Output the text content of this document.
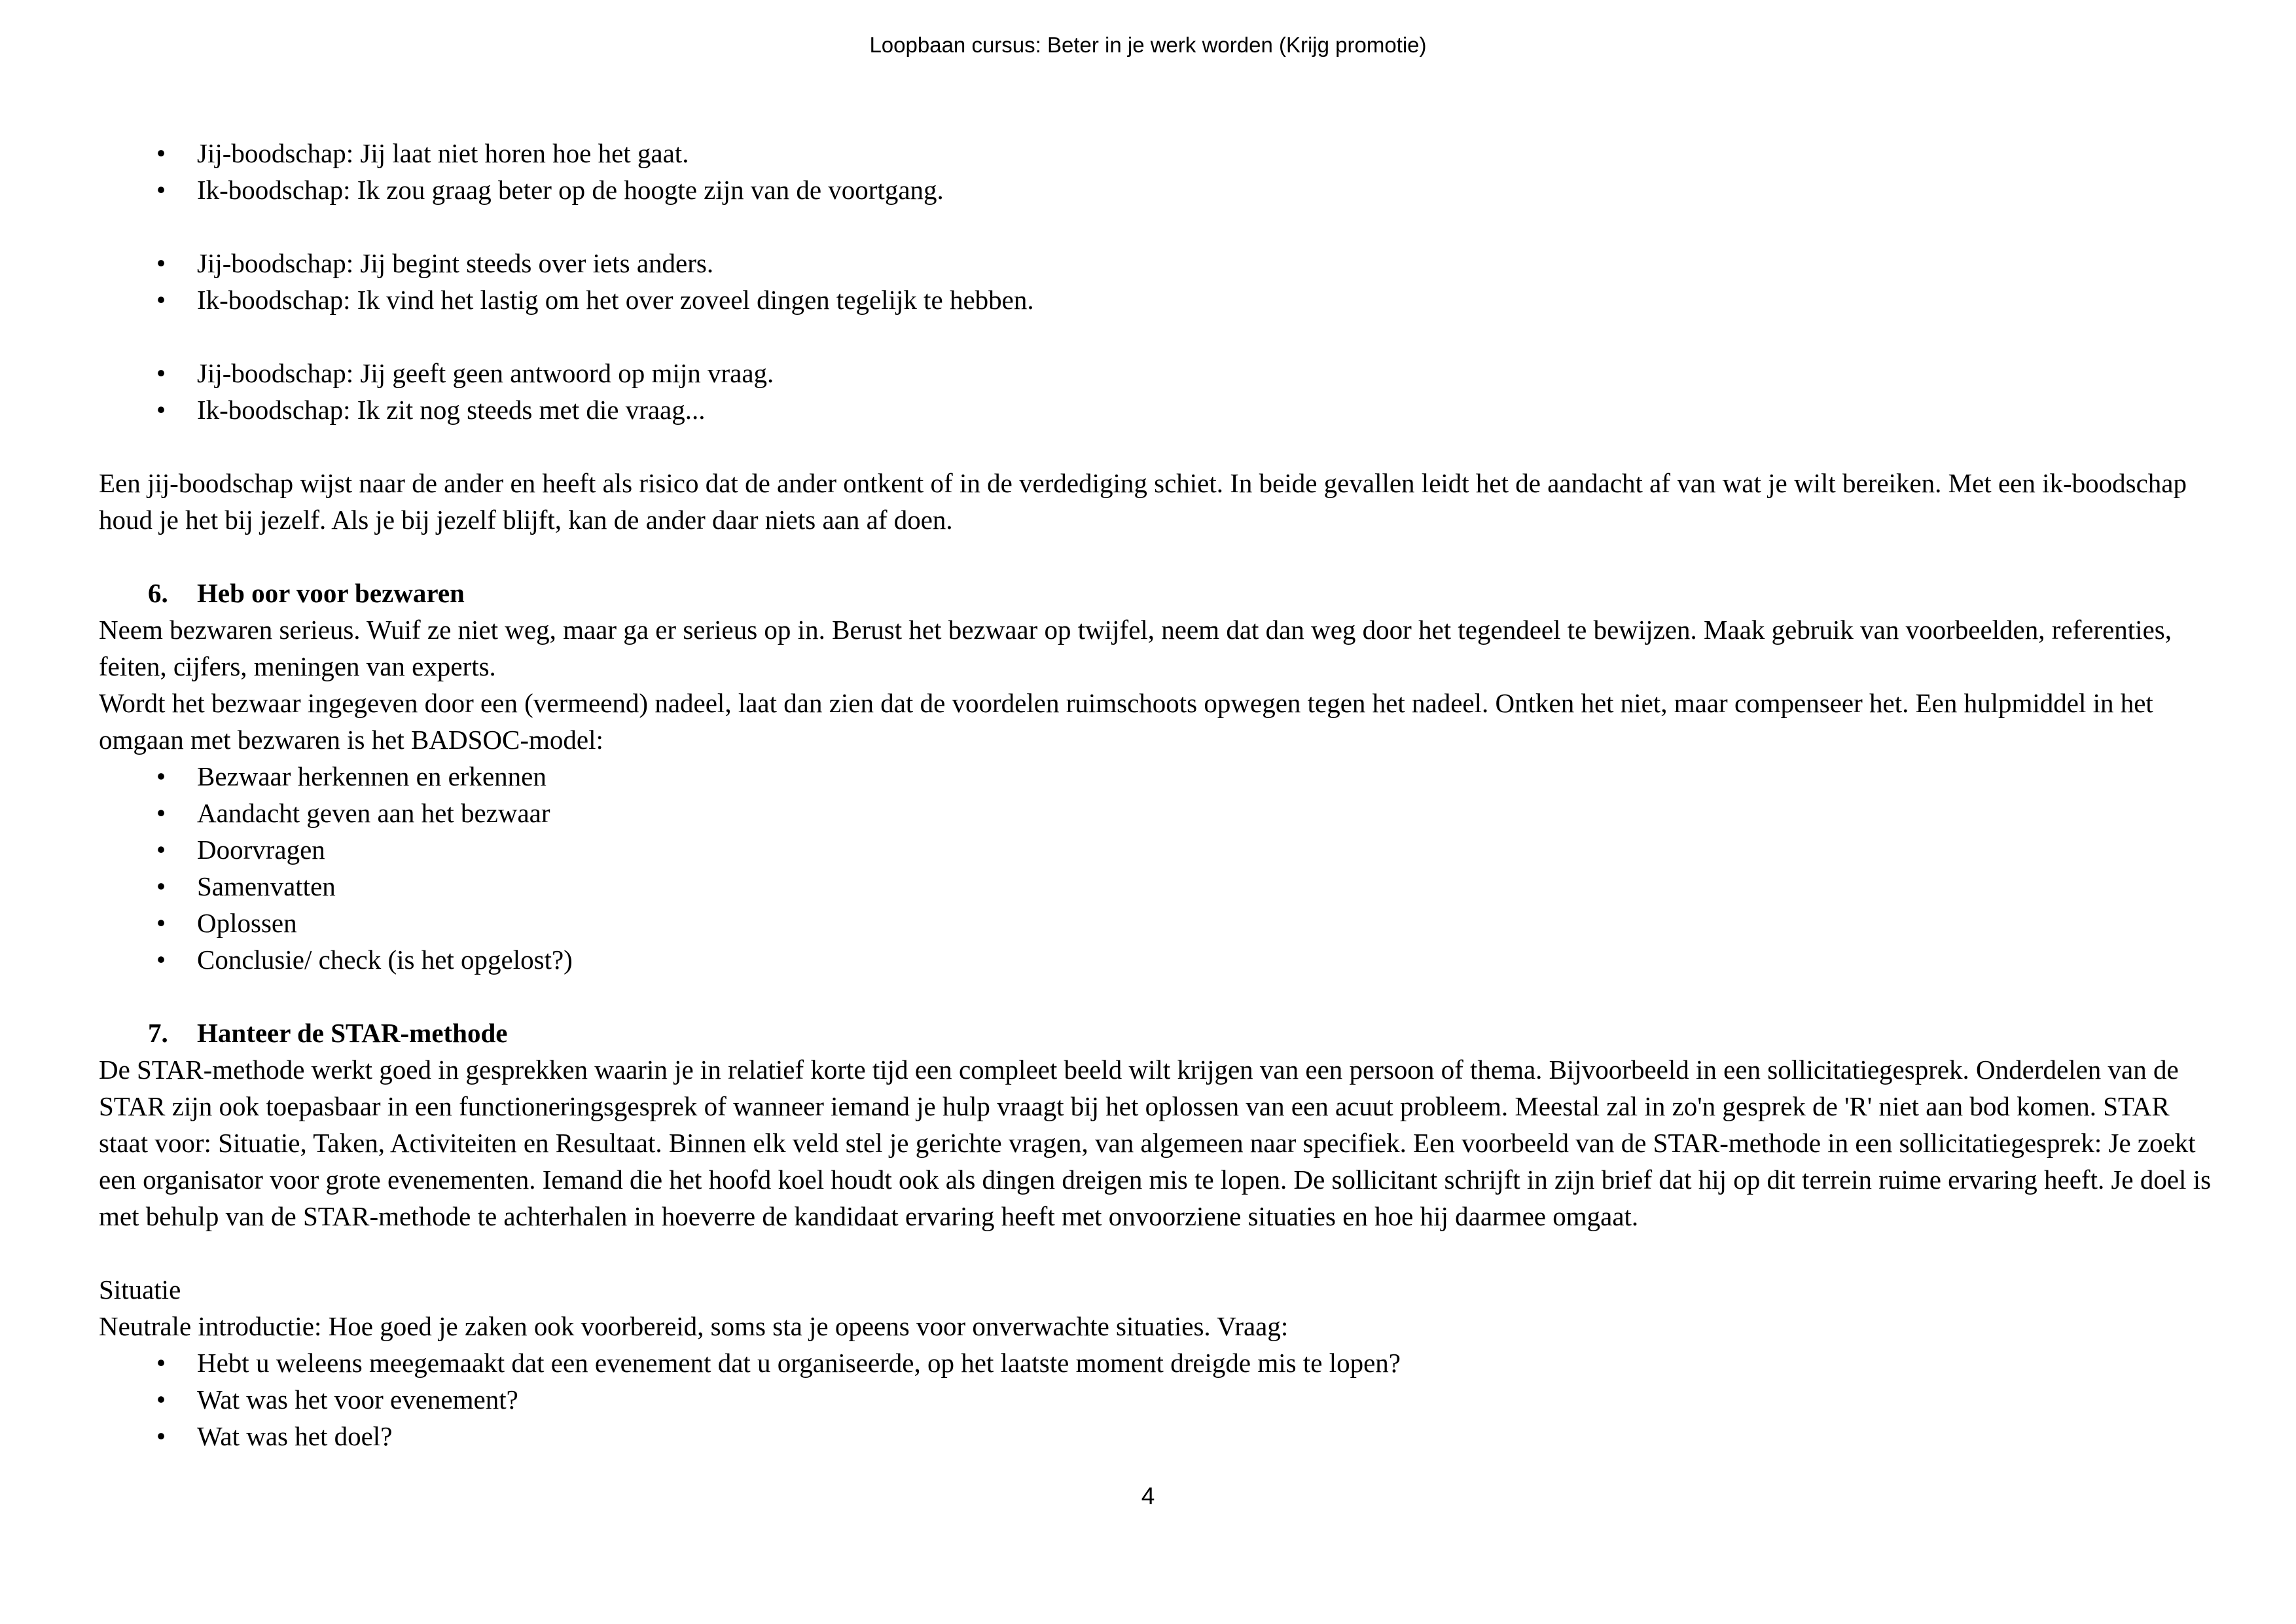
Loopbaan cursus: Beter in je werk worden (Krijg promotie)
• Jij-boodschap: Jij laat niet horen hoe het gaat.
• Ik-boodschap: Ik zou graag beter op de hoogte zijn van de voortgang.
• Jij-boodschap: Jij begint steeds over iets anders.
• Ik-boodschap: Ik vind het lastig om het over zoveel dingen tegelijk te hebben.
• Jij-boodschap: Jij geeft geen antwoord op mijn vraag.
• Ik-boodschap: Ik zit nog steeds met die vraag...

Een jij-boodschap wijst naar de ander en heeft als risico dat de ander ontkent of in de verdediging schiet. In beide gevallen leidt het de aandacht af van wat je wilt bereiken. Met een ik-boodschap houd je het bij jezelf. Als je bij jezelf blijft, kan de ander daar niets aan af doen.

6. Heb oor voor bezwaren

Neem bezwaren serieus. Wuif ze niet weg, maar ga er serieus op in. Berust het bezwaar op twijfel, neem dat dan weg door het tegendeel te bewijzen. Maak gebruik van voorbeelden, referenties, feiten, cijfers, meningen van experts.

Wordt het bezwaar ingegeven door een (vermeend) nadeel, laat dan zien dat de voordelen ruimschoots opwegen tegen het nadeel. Ontken het niet, maar compenseer het. Een hulpmiddel in het omgaan met bezwaren is het BADSOC-model:

• Bezwaar herkennen en erkennen
• Aandacht geven aan het bezwaar
• Doorvragen
• Samenvatten
• Oplossen
• Conclusie/ check (is het opgelost?)
7. Hanteer de STAR-methode

De STAR-methode werkt goed in gesprekken waarin je in relatief korte tijd een compleet beeld wilt krijgen van een persoon of thema. Bijvoorbeeld in een sollicitatiegesprek. Onderdelen van de STAR zijn ook toepasbaar in een functioneringsgesprek of wanneer iemand je hulp vraagt bij het oplossen van een acuut probleem. Meestal zal in zo'n gesprek de 'R' niet aan bod komen. STAR staat voor: Situatie, Taken, Activiteiten en Resultaat. Binnen elk veld stel je gerichte vragen, van algemeen naar specifiek. Een voorbeeld van de STAR-methode in een sollicitatiegesprek: Je zoekt een organisator voor grote evenementen. Iemand die het hoofd koel houdt ook als dingen dreigen mis te lopen. De sollicitant schrijft in zijn brief dat hij op dit terrein ruime ervaring heeft. Je doel is met behulp van de STAR-methode te achterhalen in hoeverre de kandidaat ervaring heeft met onvoorziene situaties en hoe hij daarmee omgaat.

Situatie

Neutrale introductie: Hoe goed je zaken ook voorbereid, soms sta je opeens voor onverwachte situaties. Vraag:

• Hebt u weleens meegemaakt dat een evenement dat u organiseerde, op het laatste moment dreigde mis te lopen?
• Wat was het voor evenement?
• Wat was het doel?
4
